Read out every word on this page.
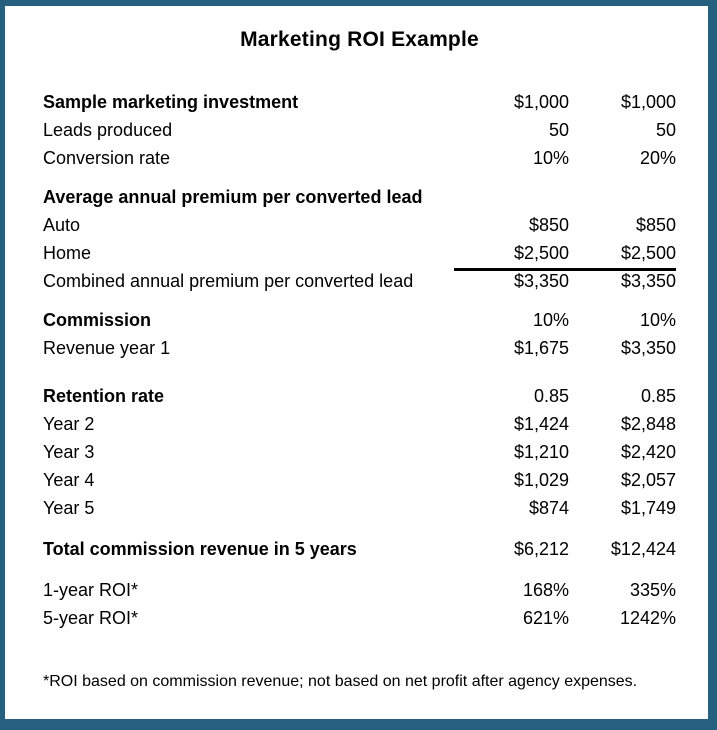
Marketing ROI Example
Sample marketing investment	$1,000	$1,000
Leads produced	50	50
Conversion rate	10%	20%
Average annual premium per converted lead
Auto	$850	$850
Home	$2,500	$2,500
Combined annual premium per converted lead	$3,350	$3,350
Commission	10%	10%
Revenue year 1	$1,675	$3,350
Retention rate	0.85	0.85
Year 2	$1,424	$2,848
Year 3	$1,210	$2,420
Year 4	$1,029	$2,057
Year 5	$874	$1,749
Total commission revenue in 5 years	$6,212	$12,424
1-year ROI*	168%	335%
5-year ROI*	621%	1242%
*ROI based on commission revenue; not based on net profit after agency expenses.
